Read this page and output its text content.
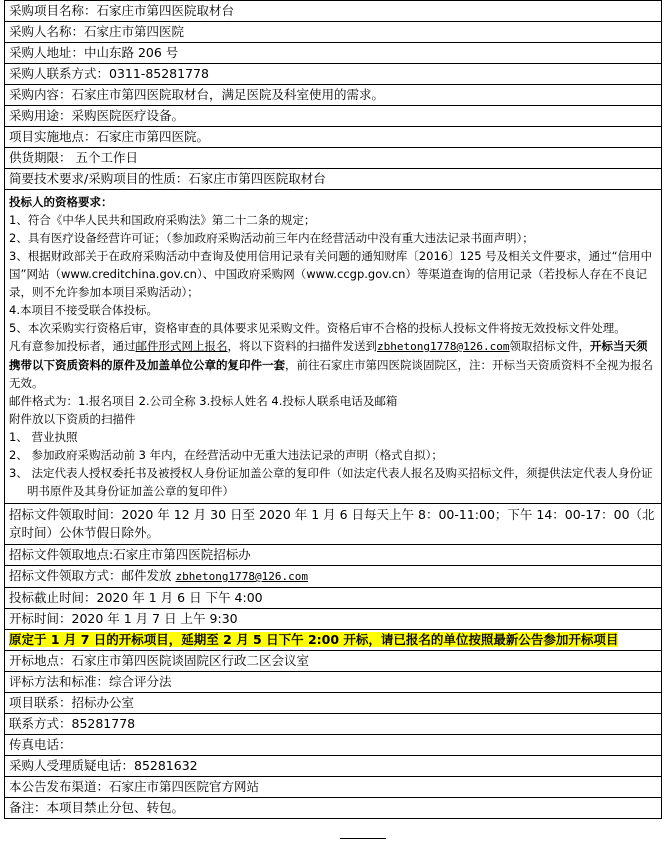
采购项目名称：石家庄市第四医院取材台
采购人名称：石家庄市第四医院
采购人地址：中山东路 206 号
采购人联系方式：0311-85281778
采购内容：石家庄市第四医院取材台，满足医院及科室使用的需求。
采购用途：采购医院医疗设备。
项目实施地点：石家庄市第四医院。
供货期限： 五个工作日
简要技术要求/采购项目的性质：石家庄市第四医院取材台

投标人的资格要求：
1、符合《中华人民共和国政府采购法》第二十二条的规定；
2、具有医疗设备经营许可证；（参加政府采购活动前三年内在经营活动中没有重大违法记录书面声明）；
3、根据财政部关于在政府采购活动中查询及使用信用记录有关问题的通知财库〔2016〕125 号及相关文件要求，通过“信用中国”网站（www.creditchina.gov.cn）、中国政府采购网（www.ccgp.gov.cn）等渠道查询的信用记录（若投标人存在不良记录，则不允许参加本项目采购活动）；
4.本项目不接受联合体投标。
5、本次采购实行资格后审，资格审查的具体要求见采购文件。资格后审不合格的投标人投标文件将按无效投标文件处理。
凡有意参加投标者，通过邮件形式网上报名，将以下资料的扫描件发送到zbhetong1778@126.com领取招标文件，开标当天须携带以下资质资料的原件及加盖单位公章的复印件一套，前往石家庄市第四医院谈固院区，注：开标当天资质资料不全视为报名无效。
邮件格式为：1.报名项目 2.公司全称 3.投标人姓名 4.投标人联系电话及邮箱
附件放以下资质的扫描件
1、 营业执照
2、 参加政府采购活动前 3 年内，在经营活动中无重大违法记录的声明（格式自拟）；
3、 法定代表人授权委托书及被授权人身份证加盖公章的复印件（如法定代表人报名及购买招标文件，须提供法定代表人身份证明书原件及其身份证加盖公章的复印件）

招标文件领取时间：2020 年 12 月 30 日至 2020 年 1 月 6 日每天上午 8：00-11:00；下午 14：00-17：00（北京时间）公休节假日除外。
招标文件领取地点:石家庄市第四医院招标办
招标文件领取方式：邮件发放 zbhetong1778@126.com
投标截止时间：2020 年 1 月 6 日 下午 4:00
开标时间：2020 年 1 月 7 日 上午 9:30
原定于 1 月 7 日的开标项目，延期至 2 月 5 日下午 2:00 开标，请已报名的单位按照最新公告参加开标项目
开标地点：石家庄市第四医院谈固院区行政二区会议室
评标方法和标准：综合评分法
项目联系：招标办公室
联系方式：85281778
传真电话：
采购人受理质疑电话：85281632
本公告发布渠道：石家庄市第四医院官方网站
备注：本项目禁止分包、转包。
